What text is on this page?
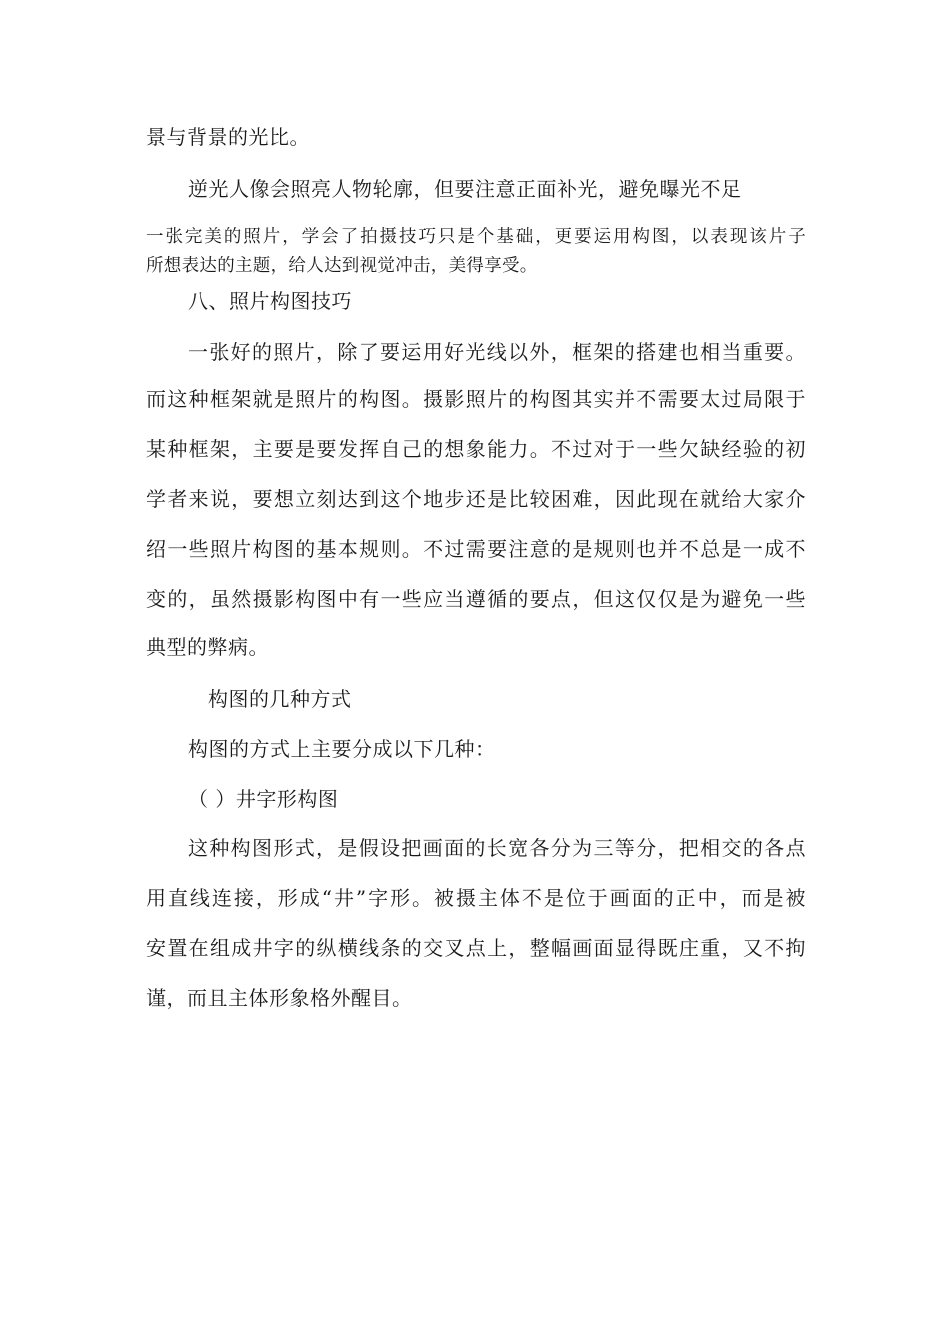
景与背景的光比。
逆光人像会照亮人物轮廓，但要注意正面补光，避免曝光不足
一张完美的照片，学会了拍摄技巧只是个基础，更要运用构图，以表现该片子
所想表达的主题，给人达到视觉冲击，美得享受。
八、照片构图技巧
一张好的照片，除了要运用好光线以外，框架的搭建也相当重要。
而这种框架就是照片的构图。摄影照片的构图其实并不需要太过局限于
某种框架，主要是要发挥自己的想象能力。不过对于一些欠缺经验的初
学者来说，要想立刻达到这个地步还是比较困难，因此现在就给大家介
绍一些照片构图的基本规则。不过需要注意的是规则也并不总是一成不
变的，虽然摄影构图中有一些应当遵循的要点，但这仅仅是为避免一些
典型的弊病。
构图的几种方式
构图的方式上主要分成以下几种：
（ ）井字形构图
这种构图形式，是假设把画面的长宽各分为三等分，把相交的各点
用直线连接，形成“井”字形。被摄主体不是位于画面的正中，而是被
安置在组成井字的纵横线条的交叉点上，整幅画面显得既庄重，又不拘
谨，而且主体形象格外醒目。
